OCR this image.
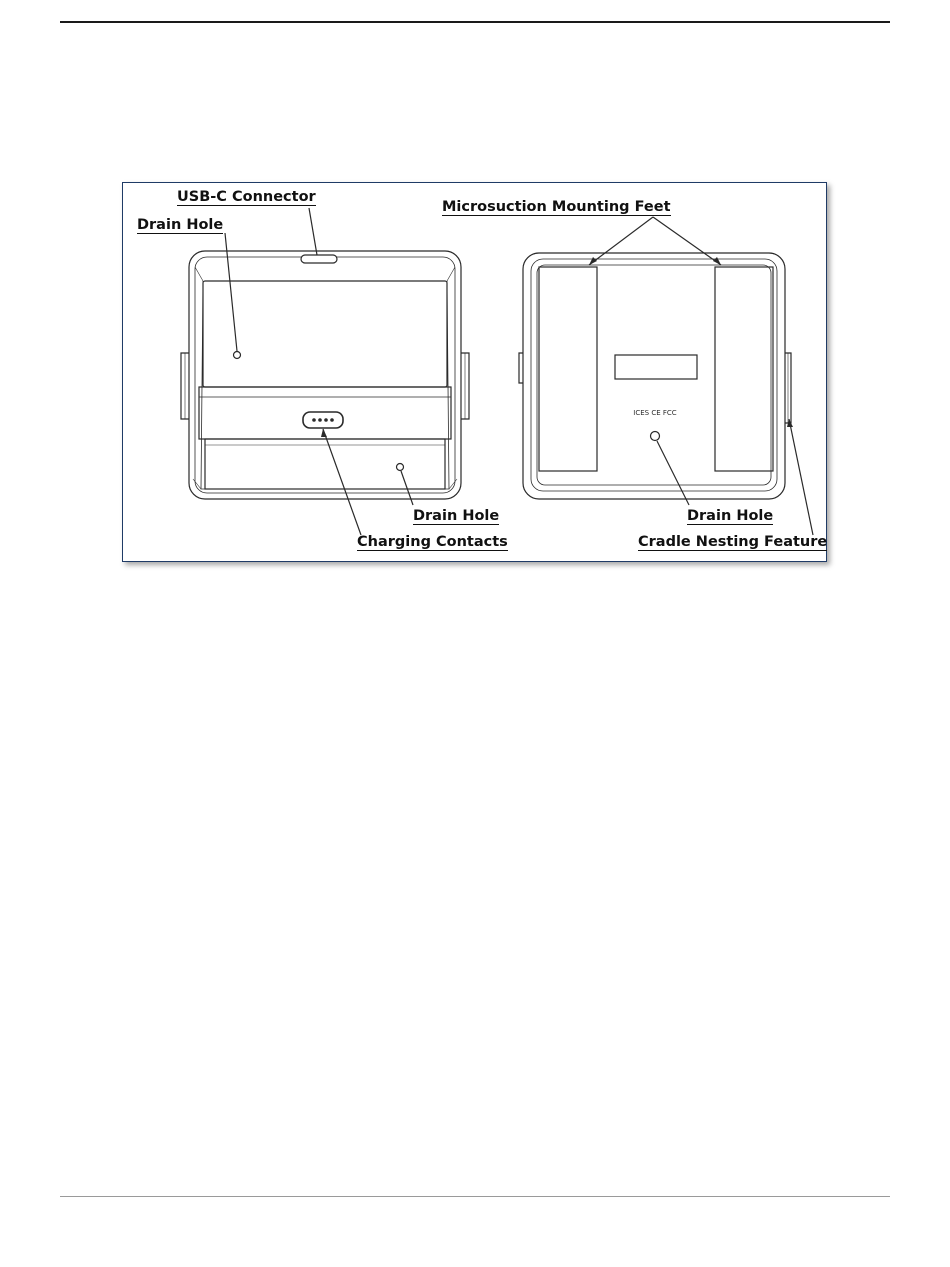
ICES CE FCC
USB-C Connector
Drain Hole
Microsuction Mounting Feet
Drain Hole
Charging Contacts
Drain Hole
Cradle Nesting Feature
